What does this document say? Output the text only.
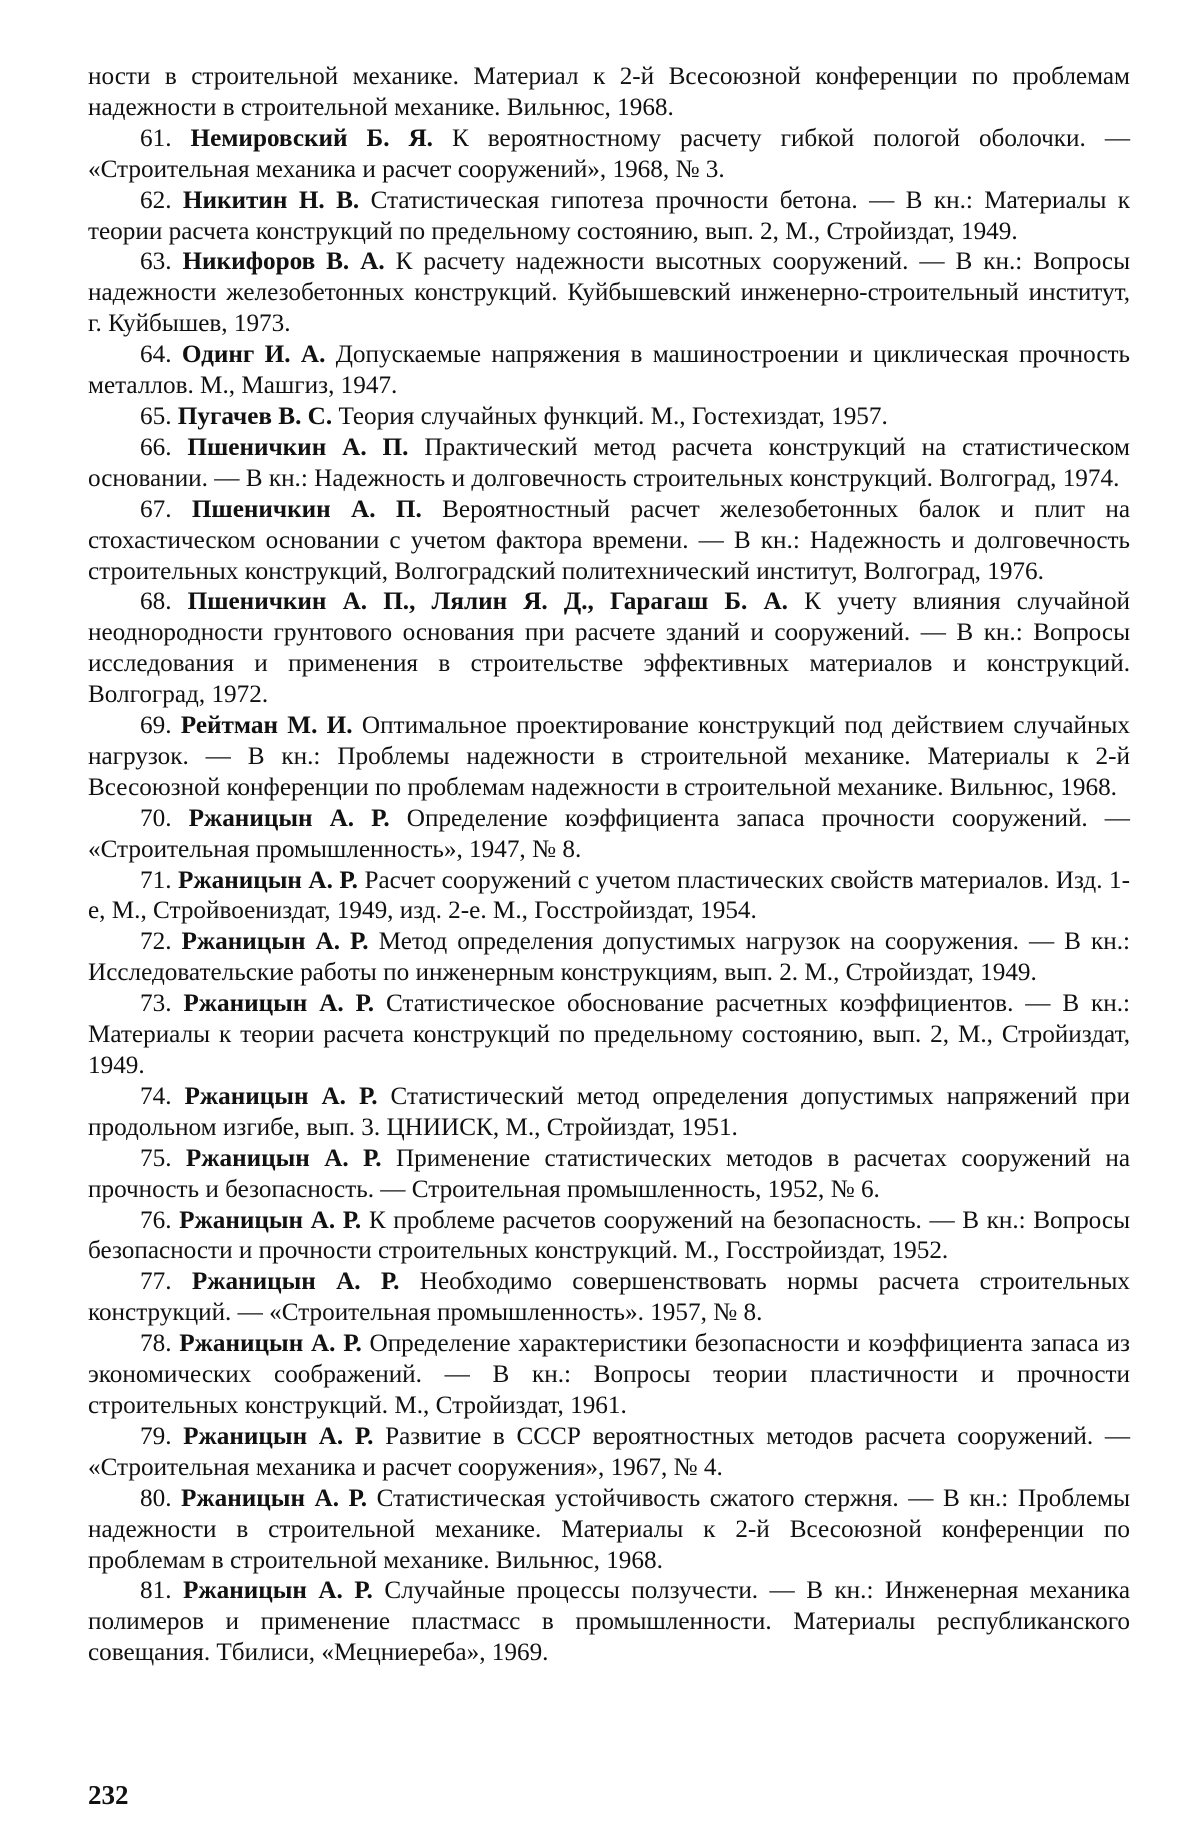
ности в строительной механике. Материал к 2-й Всесоюзной конференции по проблемам надежности в строительной механике. Вильнюс, 1968.

61. Немировский Б. Я. К вероятностному расчету гибкой пологой оболочки. — «Строительная механика и расчет сооружений», 1968, № 3.

62. Никитин Н. В. Статистическая гипотеза прочности бетона. — В кн.: Материалы к теории расчета конструкций по предельному состоянию, вып. 2, М., Стройиздат, 1949.

63. Никифоров В. А. К расчету надежности высотных сооружений. — В кн.: Вопросы надежности железобетонных конструкций. Куйбышевский инженерно-строительный институт, г. Куйбышев, 1973.

64. Одинг И. А. Допускаемые напряжения в машиностроении и циклическая прочность металлов. М., Машгиз, 1947.

65. Пугачев В. С. Теория случайных функций. М., Гостехиздат, 1957.

66. Пшеничкин А. П. Практический метод расчета конструкций на статистическом основании. — В кн.: Надежность и долговечность строительных конструкций. Волгоград, 1974.

67. Пшеничкин А. П. Вероятностный расчет железобетонных балок и плит на стохастическом основании с учетом фактора времени. — В кн.: Надежность и долговечность строительных конструкций, Волгоградский политехнический институт, Волгоград, 1976.

68. Пшеничкин А. П., Лялин Я. Д., Гарагаш Б. А. К учету влияния случайной неоднородности грунтового основания при расчете зданий и сооружений. — В кн.: Вопросы исследования и применения в строительстве эффективных материалов и конструкций. Волгоград, 1972.

69. Рейтман М. И. Оптимальное проектирование конструкций под действием случайных нагрузок. — В кн.: Проблемы надежности в строительной механике. Материалы к 2-й Всесоюзной конференции по проблемам надежности в строительной механике. Вильнюс, 1968.

70. Ржаницын А. Р. Определение коэффициента запаса прочности сооружений. — «Строительная промышленность», 1947, № 8.

71. Ржаницын А. Р. Расчет сооружений с учетом пластических свойств материалов. Изд. 1-е, М., Стройвоениздат, 1949, изд. 2-е. М., Госстройиздат, 1954.

72. Ржаницын А. Р. Метод определения допустимых нагрузок на сооружения. — В кн.: Исследовательские работы по инженерным конструкциям, вып. 2. М., Стройиздат, 1949.

73. Ржаницын А. Р. Статистическое обоснование расчетных коэффициентов. — В кн.: Материалы к теории расчета конструкций по предельному состоянию, вып. 2, М., Стройиздат, 1949.

74. Ржаницын А. Р. Статистический метод определения допустимых напряжений при продольном изгибе, вып. 3. ЦНИИСК, М., Стройиздат, 1951.

75. Ржаницын А. Р. Применение статистических методов в расчетах сооружений на прочность и безопасность. — Строительная промышленность, 1952, № 6.

76. Ржаницын А. Р. К проблеме расчетов сооружений на безопасность. — В кн.: Вопросы безопасности и прочности строительных конструкций. М., Госстройиздат, 1952.

77. Ржаницын А. Р. Необходимо совершенствовать нормы расчета строительных конструкций. — «Строительная промышленность». 1957, № 8.

78. Ржаницын А. Р. Определение характеристики безопасности и коэффициента запаса из экономических соображений. — В кн.: Вопросы теории пластичности и прочности строительных конструкций. М., Стройиздат, 1961.

79. Ржаницын А. Р. Развитие в СССР вероятностных методов расчета сооружений. — «Строительная механика и расчет сооружения», 1967, № 4.

80. Ржаницын А. Р. Статистическая устойчивость сжатого стержня. — В кн.: Проблемы надежности в строительной механике. Материалы к 2-й Всесоюзной конференции по проблемам в строительной механике. Вильнюс, 1968.

81. Ржаницын А. Р. Случайные процессы ползучести. — В кн.: Инженерная механика полимеров и применение пластмасс в промышленности. Материалы республиканского совещания. Тбилиси, «Мецниереба», 1969.

232
